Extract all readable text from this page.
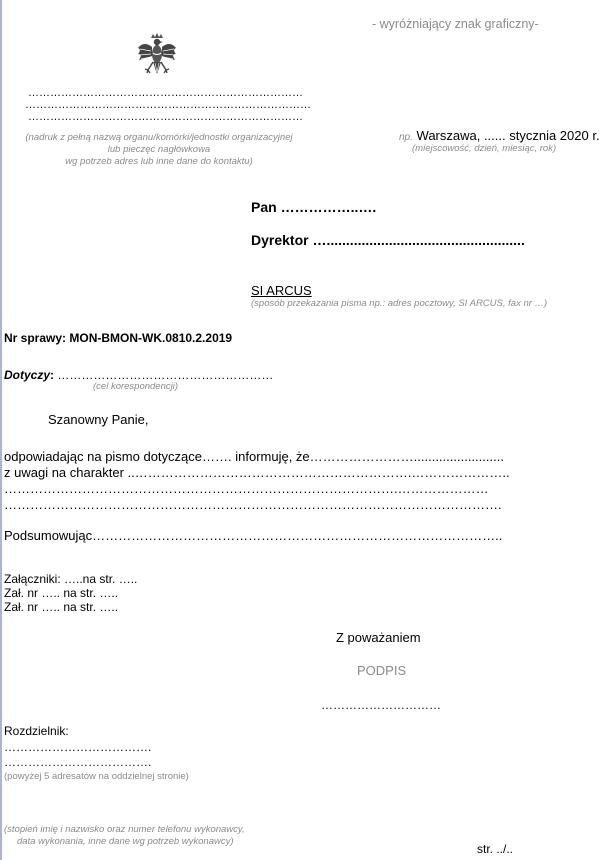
- wyróżniający znak graficzny-
…………………………………………………………………
……………………………………………………………………
…………………………………………………………………
(nadruk z pełną nazwą organu/komórki/jednostki organizacyjnej
lub pieczęć nagłówkowa
wg potrzeb adres lub inne dane do kontaktu)
np. Warszawa, ...... stycznia 2020 r.
(miejscowość, dzień, miesiąc, rok)
Pan ……………..….
Dyrektor …...................................................
SI ARCUS
(sposób przekazania pisma np.: adres pocztowy, SI ARCUS, fax nr …)
Nr sprawy: MON-BMON-WK.0810.2.2019
Dotyczy: ………………………………………………
(cel korespondencji)
Szanowny Panie,
odpowiadając na pismo dotyczące……. informuję, że…………………….........................
z uwagi na charakter ..……………………………………………………….…………………..
……………………………………………………………………………….…………………
…………………………………………………………………………………………………….
Podsumowując…………………………………………………………………………………..
Załączniki: …..na str. …..
Zał. nr ….. na str. …..
Zał. nr ….. na str. …..
Z poważaniem
PODPIS
…………………………
Rozdzielnik:
……………………………….
……………………………….
(powyżej 5 adresatów na oddzielnej stronie)
(stopień imię i nazwisko oraz numer telefonu wykonawcy,
data wykonania, inne dane wg potrzeb wykonawcy)
str. ../..
